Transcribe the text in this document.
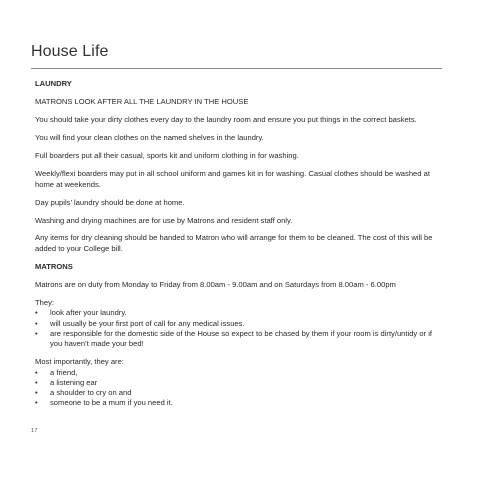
House Life

LAUNDRY

MATRONS LOOK AFTER ALL THE LAUNDRY IN THE HOUSE

You should take your dirty clothes every day to the laundry room and ensure you put things in the correct baskets.

You will find your clean clothes on the named shelves in the laundry.

Full boarders put all their casual, sports kit and uniform clothing in for washing.

Weekly/flexi boarders may put in all school uniform and games kit in for washing. Casual clothes should be washed at home at weekends.

Day pupils’ laundry should be done at home.

Washing and drying machines are for use by Matrons and resident staff only.

Any items for dry cleaning should be handed to Matron who will arrange for them to be cleaned. The cost of this will be added to your College bill.

MATRONS

Matrons are on duty from Monday to Friday from 8.00am - 9.00am and on Saturdays from 8.00am - 6.00pm

They:

• look after your laundry.
• will usually be your first port of call for any medical issues.
• are responsible for the domestic side of the House so expect to be chased by them if your room is dirty/untidy or if you haven’t made your bed!

Most importantly, they are:

• a friend,
• a listening ear
• a shoulder to cry on and
• someone to be a mum if you need it.
17
